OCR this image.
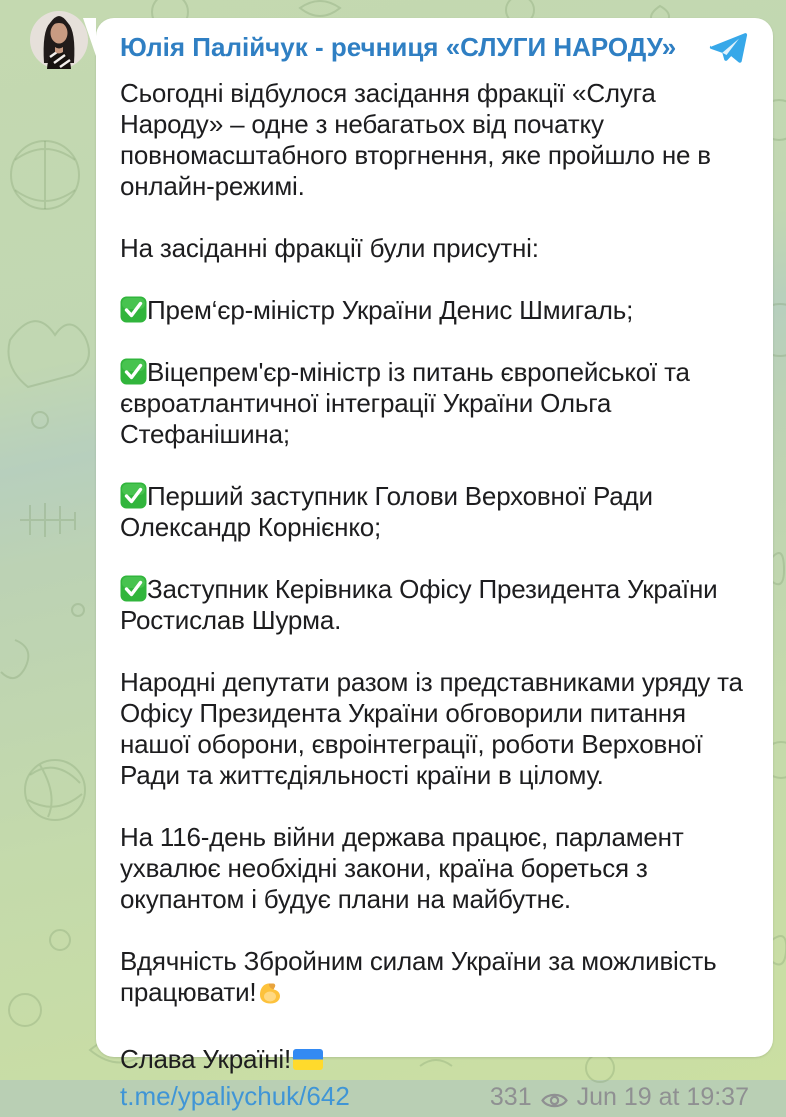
Юлія Палійчук - речниця «СЛУГИ НАРОДУ»
Сьогодні відбулося засідання фракції «Слуга Народу» – одне з небагатьох від початку повномасштабного вторгнення, яке пройшло не в онлайн-режимі.
На засіданні фракції були присутні:
Прем‘єр-міністр України Денис Шмигаль;
Віцепрем'єр-міністр із питань європейської та євроатлантичної інтеграції України Ольга Стефанішина;
Перший заступник Голови Верховної Ради Олександр Корнієнко;
Заступник Керівника Офісу Президента України Ростислав Шурма.
Народні депутати разом із представниками уряду та Офісу Президента України обговорили питання нашої оборони, євроінтеграції, роботи Верховної Ради та життєдіяльності країни в цілому.
На 116-день війни держава працює, парламент ухвалює необхідні закони, країна бореться з окупантом і будує плани на майбутнє.
Вдячність Збройним силам України за можливість працювати!
Слава Україні!
t.me/ypaliychuk/642	331 Jun 19 at 19:37
